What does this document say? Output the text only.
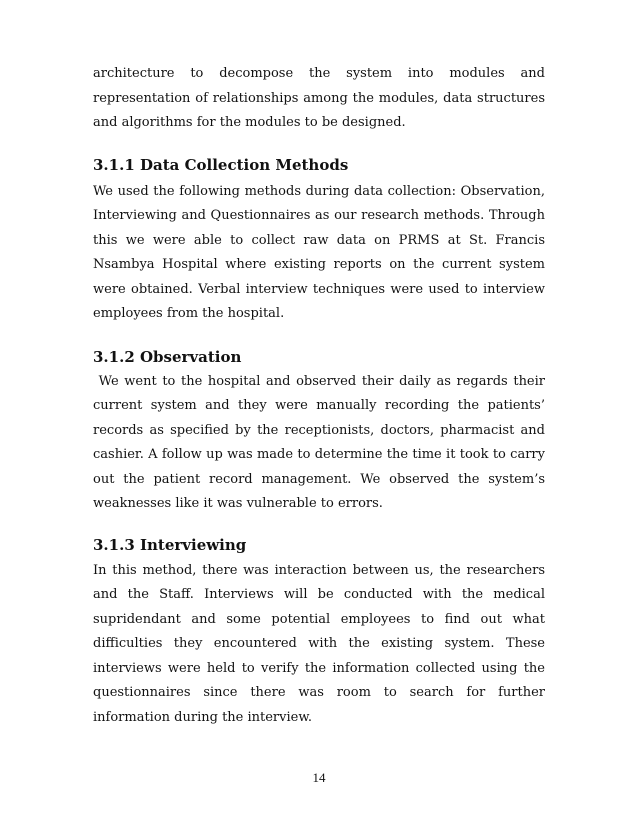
architecture to decompose the system into modules and representation of relationships among the modules, data structures and algorithms for the modules to be designed.

3.1.1 Data Collection Methods

We used the following methods during data collection: Observation, Interviewing and Questionnaires as our research methods. Through this we were able to collect raw data on PRMS at St. Francis Nsambya Hospital where existing reports on the current system were obtained. Verbal interview techniques were used to interview employees from the hospital.

3.1.2 Observation

We went to the hospital and observed their daily as regards their current system and they were manually recording the patients’ records as specified by the receptionists, doctors, pharmacist and cashier. A follow up was made to determine the time it took to carry out the patient record management. We observed the system’s weaknesses like it was vulnerable to errors.

3.1.3 Interviewing

In this method, there was interaction between us, the researchers and the Staff. Interviews will be conducted with the medical supridendant and some potential employees to find out what difficulties they encountered with the existing system. These interviews were held to verify the information collected using the questionnaires since there was room to search for further information during the interview.

14
